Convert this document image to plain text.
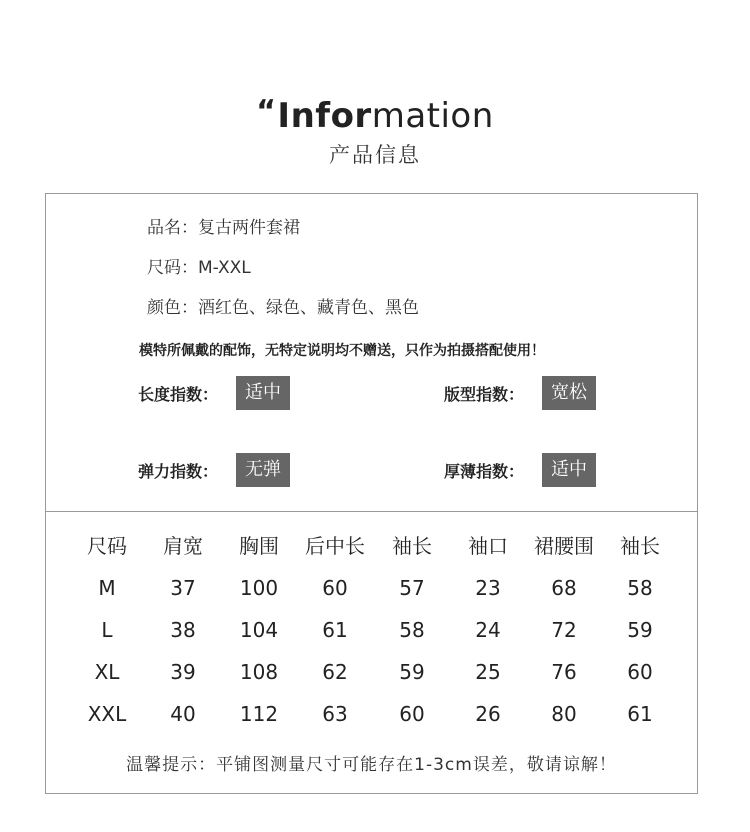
“Information
产品信息
品名：复古两件套裙
尺码：M-XXL
颜色：酒红色、绿色、藏青色、黑色
模特所佩戴的配饰，无特定说明均不赠送，只作为拍摄搭配使用！
长度指数：	适中	版型指数：	宽松
弹力指数：	无弹	厚薄指数：	适中
尺码 肩宽 胸围 后中长 袖长 袖口 裙腰围 袖长
M	37 100 60	57	23	68	58
L	38 104 61	58	24	72	59
XL	39 108 62	59	25	76	60
XXL 40 112 63	60	26	80	61
温馨提示：平铺图测量尺寸可能存在1-3cm误差，敬请谅解！
